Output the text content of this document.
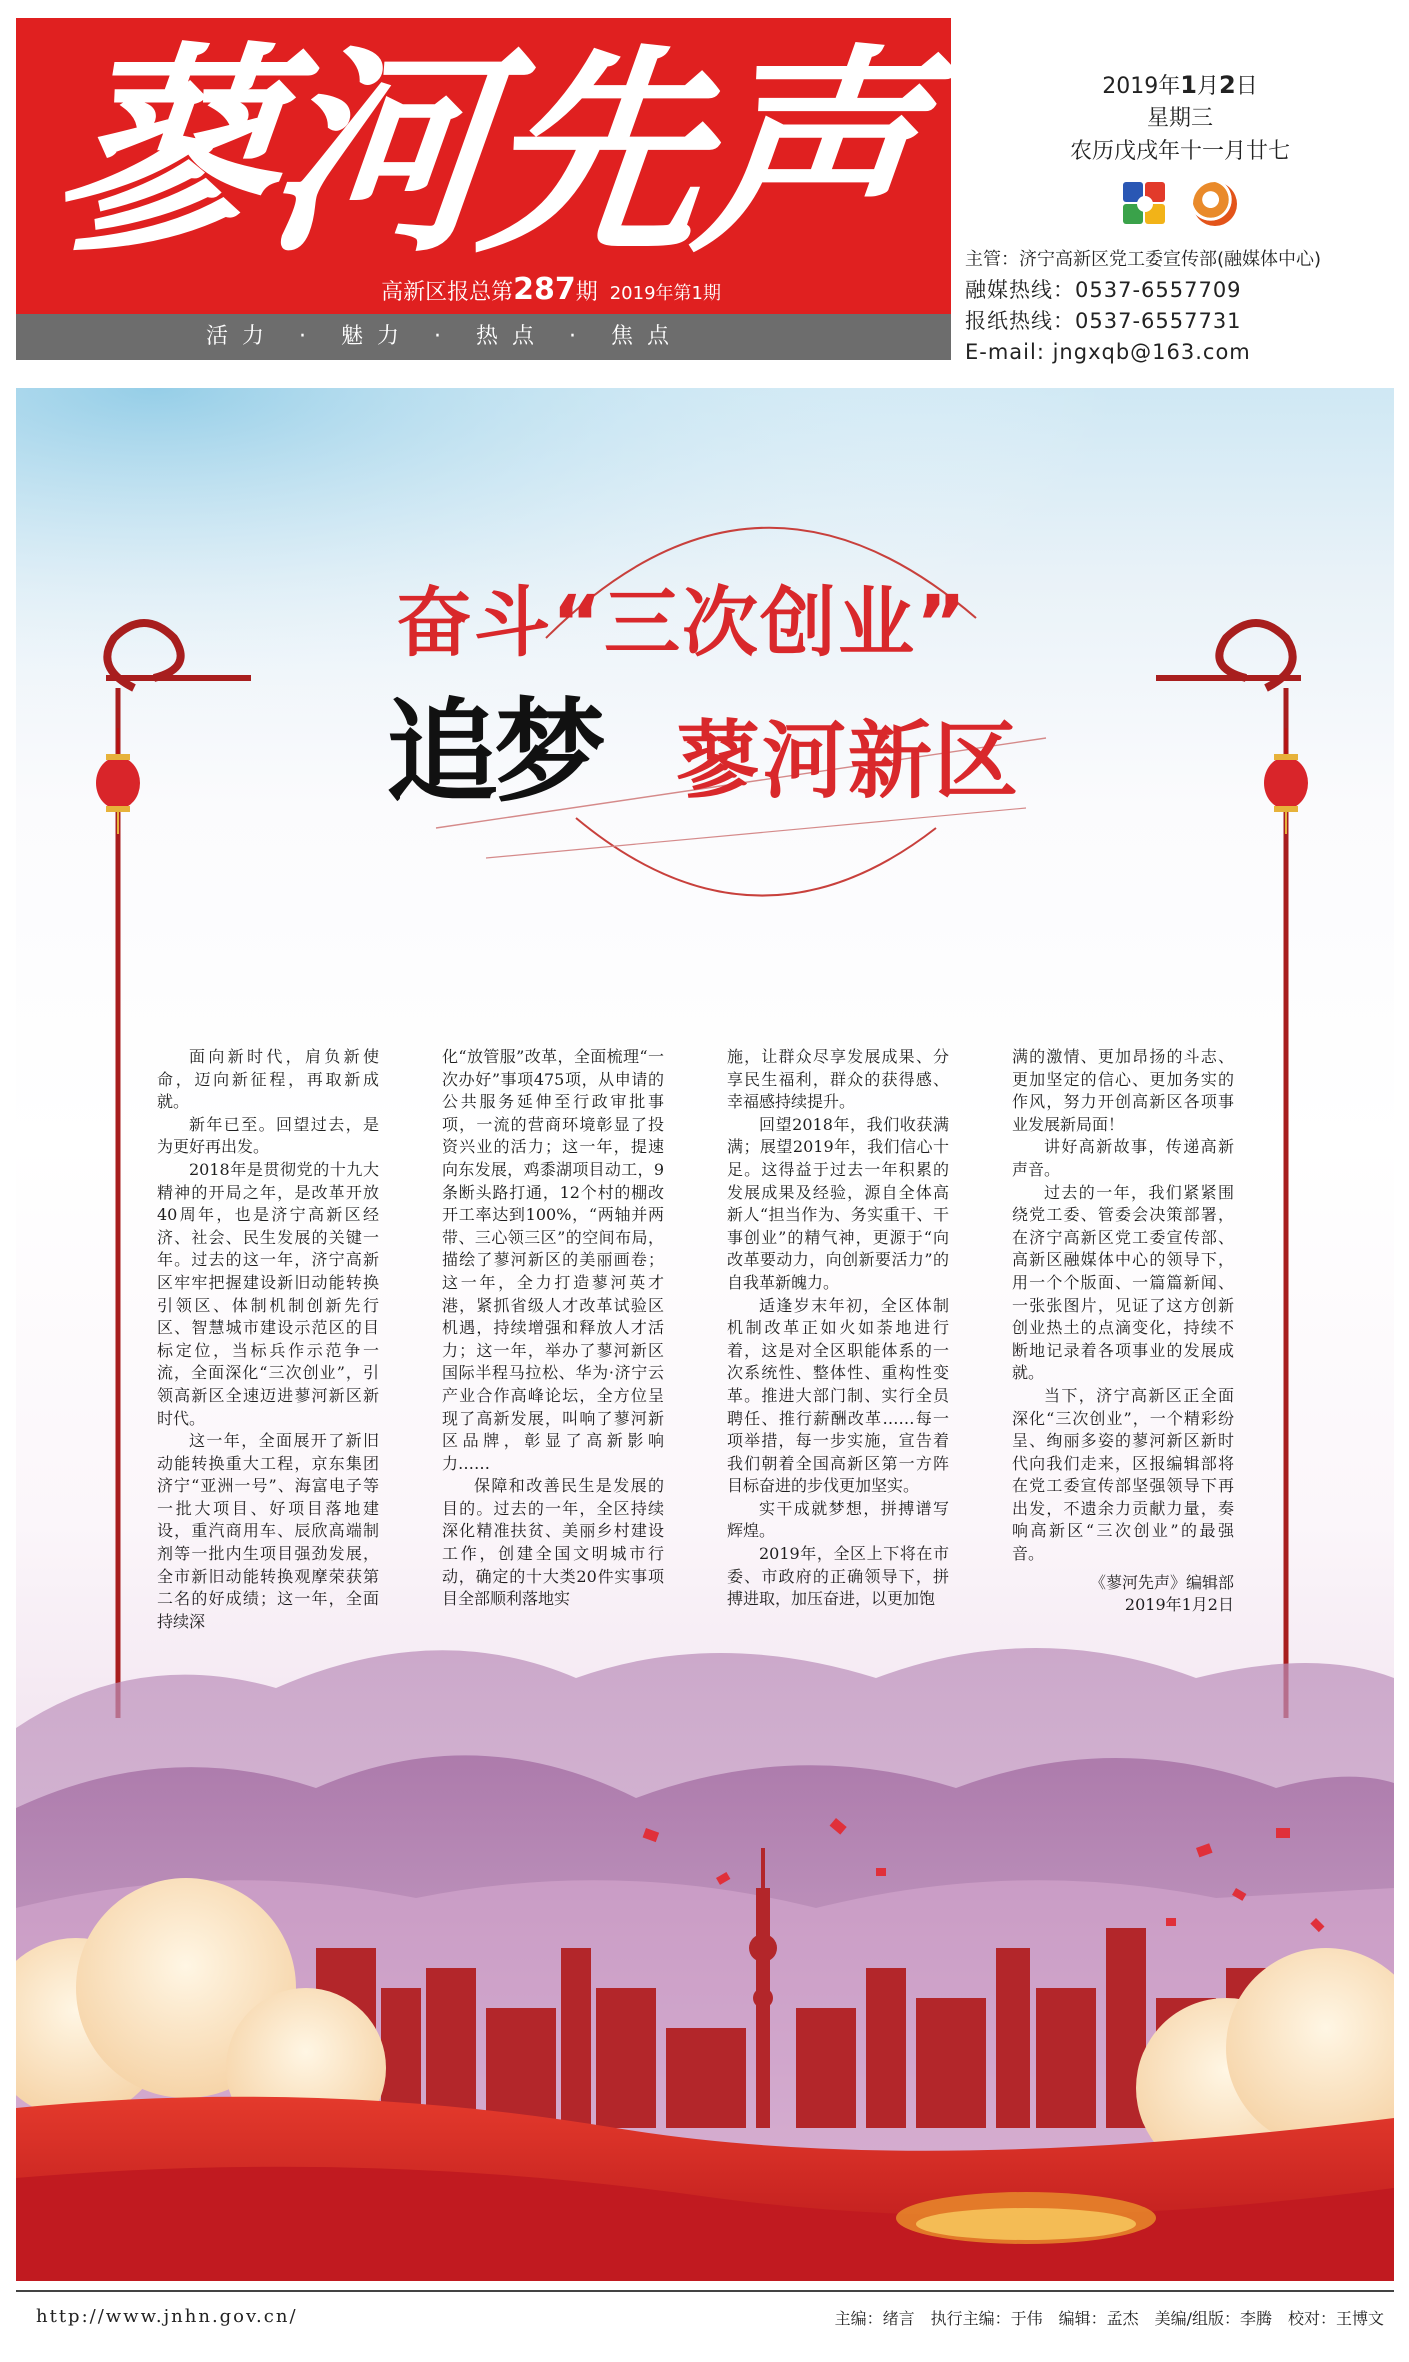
蓼河先声
高新区报总第287期 2019年第1期
活力 · 魅力 · 热点 · 焦点
2019年1月2日
星期三
农历戊戌年十一月廿七
主管：济宁高新区党工委宣传部(融媒体中心)
融媒热线：0537-6557709
报纸热线：0537-6557731
E-mail: jngxqb@163.com
奋斗“三次创业”
追梦 蓼河新区

面向新时代，肩负新使命，迈向新征程，再取新成就。

新年已至。回望过去，是为更好再出发。

2018年是贯彻党的十九大精神的开局之年，是改革开放40周年，也是济宁高新区经济、社会、民生发展的关键一年。过去的这一年，济宁高新区牢牢把握建设新旧动能转换引领区、体制机制创新先行区、智慧城市建设示范区的目标定位，当标兵作示范争一流，全面深化“三次创业”，引领高新区全速迈进蓼河新区新时代。

这一年，全面展开了新旧动能转换重大工程，京东集团济宁“亚洲一号”、海富电子等一批大项目、好项目落地建设，重汽商用车、辰欣高端制剂等一批内生项目强劲发展，全市新旧动能转换观摩荣获第二名的好成绩；这一年，全面持续深

化“放管服”改革，全面梳理“一次办好”事项475项，从申请的公共服务延伸至行政审批事项，一流的营商环境彰显了投资兴业的活力；这一年，提速向东发展，鸡黍湖项目动工，9条断头路打通，12个村的棚改开工率达到100%，“两轴并两带、三心领三区”的空间布局，描绘了蓼河新区的美丽画卷；这一年，全力打造蓼河英才港，紧抓省级人才改革试验区机遇，持续增强和释放人才活力；这一年，举办了蓼河新区国际半程马拉松、华为·济宁云产业合作高峰论坛，全方位呈现了高新发展，叫响了蓼河新区品牌，彰显了高新影响力……

保障和改善民生是发展的目的。过去的一年，全区持续深化精准扶贫、美丽乡村建设工作，创建全国文明城市行动，确定的十大类20件实事项目全部顺利落地实

施，让群众尽享发展成果、分享民生福利，群众的获得感、幸福感持续提升。

回望2018年，我们收获满满；展望2019年，我们信心十足。这得益于过去一年积累的发展成果及经验，源自全体高新人“担当作为、务实重干、干事创业”的精气神，更源于“向改革要动力，向创新要活力”的自我革新魄力。

适逢岁末年初，全区体制机制改革正如火如荼地进行着，这是对全区职能体系的一次系统性、整体性、重构性变革。推进大部门制、实行全员聘任、推行薪酬改革……每一项举措，每一步实施，宣告着我们朝着全国高新区第一方阵目标奋进的步伐更加坚实。

实干成就梦想，拼搏谱写辉煌。

2019年，全区上下将在市委、市政府的正确领导下，拼搏进取，加压奋进，以更加饱

满的激情、更加昂扬的斗志、更加坚定的信心、更加务实的作风，努力开创高新区各项事业发展新局面！

讲好高新故事，传递高新声音。

过去的一年，我们紧紧围绕党工委、管委会决策部署，在济宁高新区党工委宣传部、高新区融媒体中心的领导下，用一个个版面、一篇篇新闻、一张张图片，见证了这方创新创业热土的点滴变化，持续不断地记录着各项事业的发展成就。

当下，济宁高新区正全面深化“三次创业”，一个精彩纷呈、绚丽多姿的蓼河新区新时代向我们走来，区报编辑部将在党工委宣传部坚强领导下再出发，不遗余力贡献力量，奏响高新区“三次创业”的最强音。

《蓼河先声》编辑部
2019年1月2日
http://www.jnhn.gov.cn/	主编：绪言　执行主编：于伟　编辑：孟杰　美编/组版：李腾　校对：王博文
